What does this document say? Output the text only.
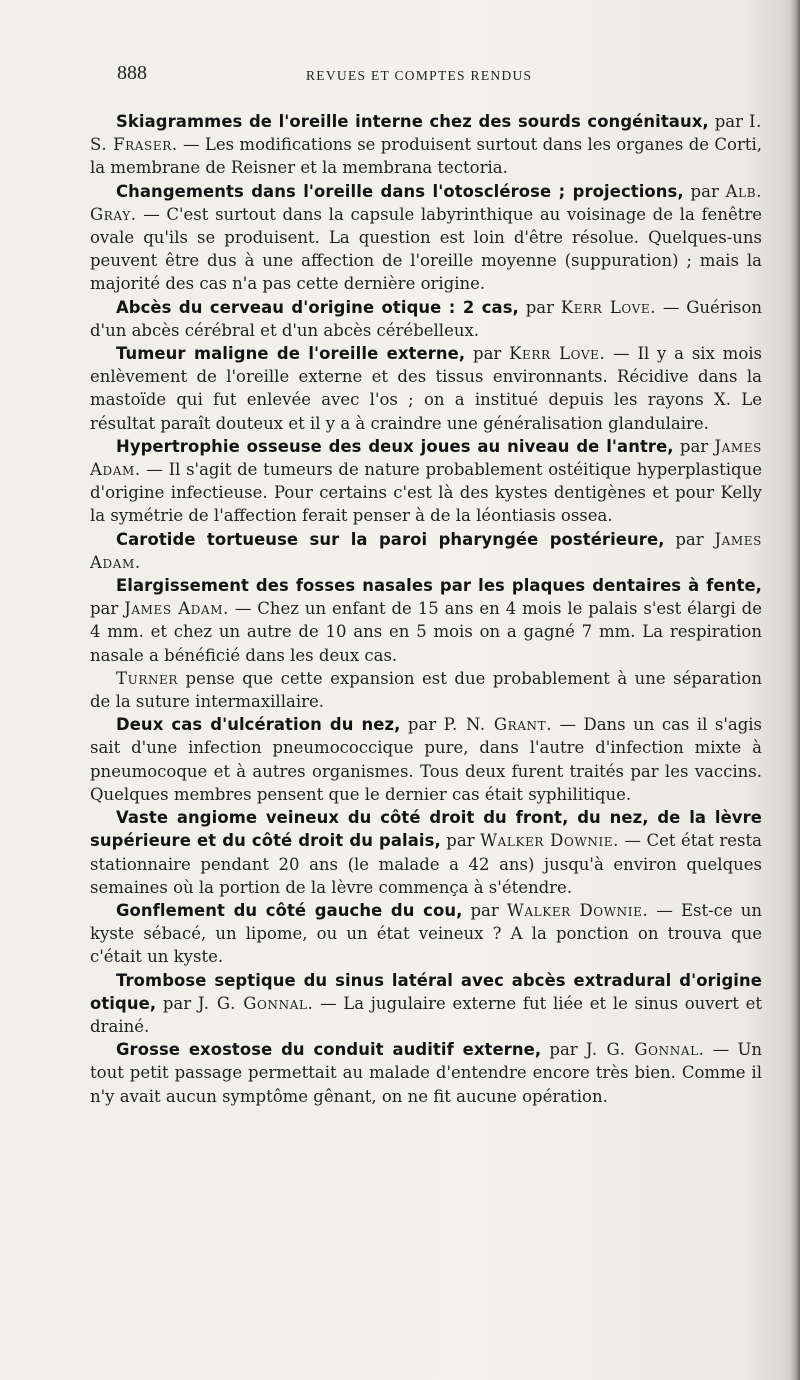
888	REVUES ET COMPTES RENDUS

Skiagrammes de l'oreille interne chez des sourds congénitaux, par I. S. Fraser. — Les modifications se produisent surtout dans les organes de Corti, la membrane de Reisner et la membrana tectoria.

Changements dans l'oreille dans l'otosclérose ; projections, par Alb. Gray. — C'est surtout dans la capsule labyrinthique au voisinage de la fenêtre ovale qu'ils se produisent. La question est loin d'être résolue. Quelques-uns peuvent être dus à une affection de l'oreille moyenne (suppuration) ; mais la majorité des cas n'a pas cette dernière origine.

Abcès du cerveau d'origine otique : 2 cas, par Kerr Love. — Guérison d'un abcès cérébral et d'un abcès cérébelleux.

Tumeur maligne de l'oreille externe, par Kerr Love. — Il y a six mois enlèvement de l'oreille externe et des tissus environnants. Récidive dans la mastoïde qui fut enlevée avec l'os ; on a institué depuis les rayons X. Le résultat paraît douteux et il y a à craindre une généralisation glandulaire.

Hypertrophie osseuse des deux joues au niveau de l'antre, par James Adam. — Il s'agit de tumeurs de nature probablement ostéitique hyperplastique d'origine infectieuse. Pour certains c'est là des kystes dentigènes et pour Kelly la symétrie de l'affection ferait penser à de la léontiasis ossea.

Carotide tortueuse sur la paroi pharyngée postérieure, par James Adam.

Elargissement des fosses nasales par les plaques dentaires à fente, par James Adam. — Chez un enfant de 15 ans en 4 mois le palais s'est élargi de 4 mm. et chez un autre de 10 ans en 5 mois on a gagné 7 mm. La respiration nasale a bénéficié dans les deux cas.

Turner pense que cette expansion est due probablement à une séparation de la suture intermaxillaire.

Deux cas d'ulcération du nez, par P. N. Grant. — Dans un cas il s'agis sait d'une infection pneumococcique pure, dans l'autre d'infection mixte à pneumocoque et à autres organismes. Tous deux furent traités par les vaccins. Quelques membres pensent que le dernier cas était syphilitique.

Vaste angiome veineux du côté droit du front, du nez, de la lèvre supérieure et du côté droit du palais, par Walker Downie. — Cet état resta stationnaire pendant 20 ans (le malade a 42 ans) jusqu'à environ quelques semaines où la portion de la lèvre commença à s'étendre.

Gonflement du côté gauche du cou, par Walker Downie. — Est-ce un kyste sébacé, un lipome, ou un état veineux ? A la ponction on trouva que c'était un kyste.

Trombose septique du sinus latéral avec abcès extradural d'origine otique, par J. G. Gonnal. — La jugulaire externe fut liée et le sinus ouvert et drainé.

Grosse exostose du conduit auditif externe, par J. G. Gonnal. — Un tout petit passage permettait au malade d'entendre encore très bien. Comme il n'y avait aucun symptôme gênant, on ne fit aucune opération.
